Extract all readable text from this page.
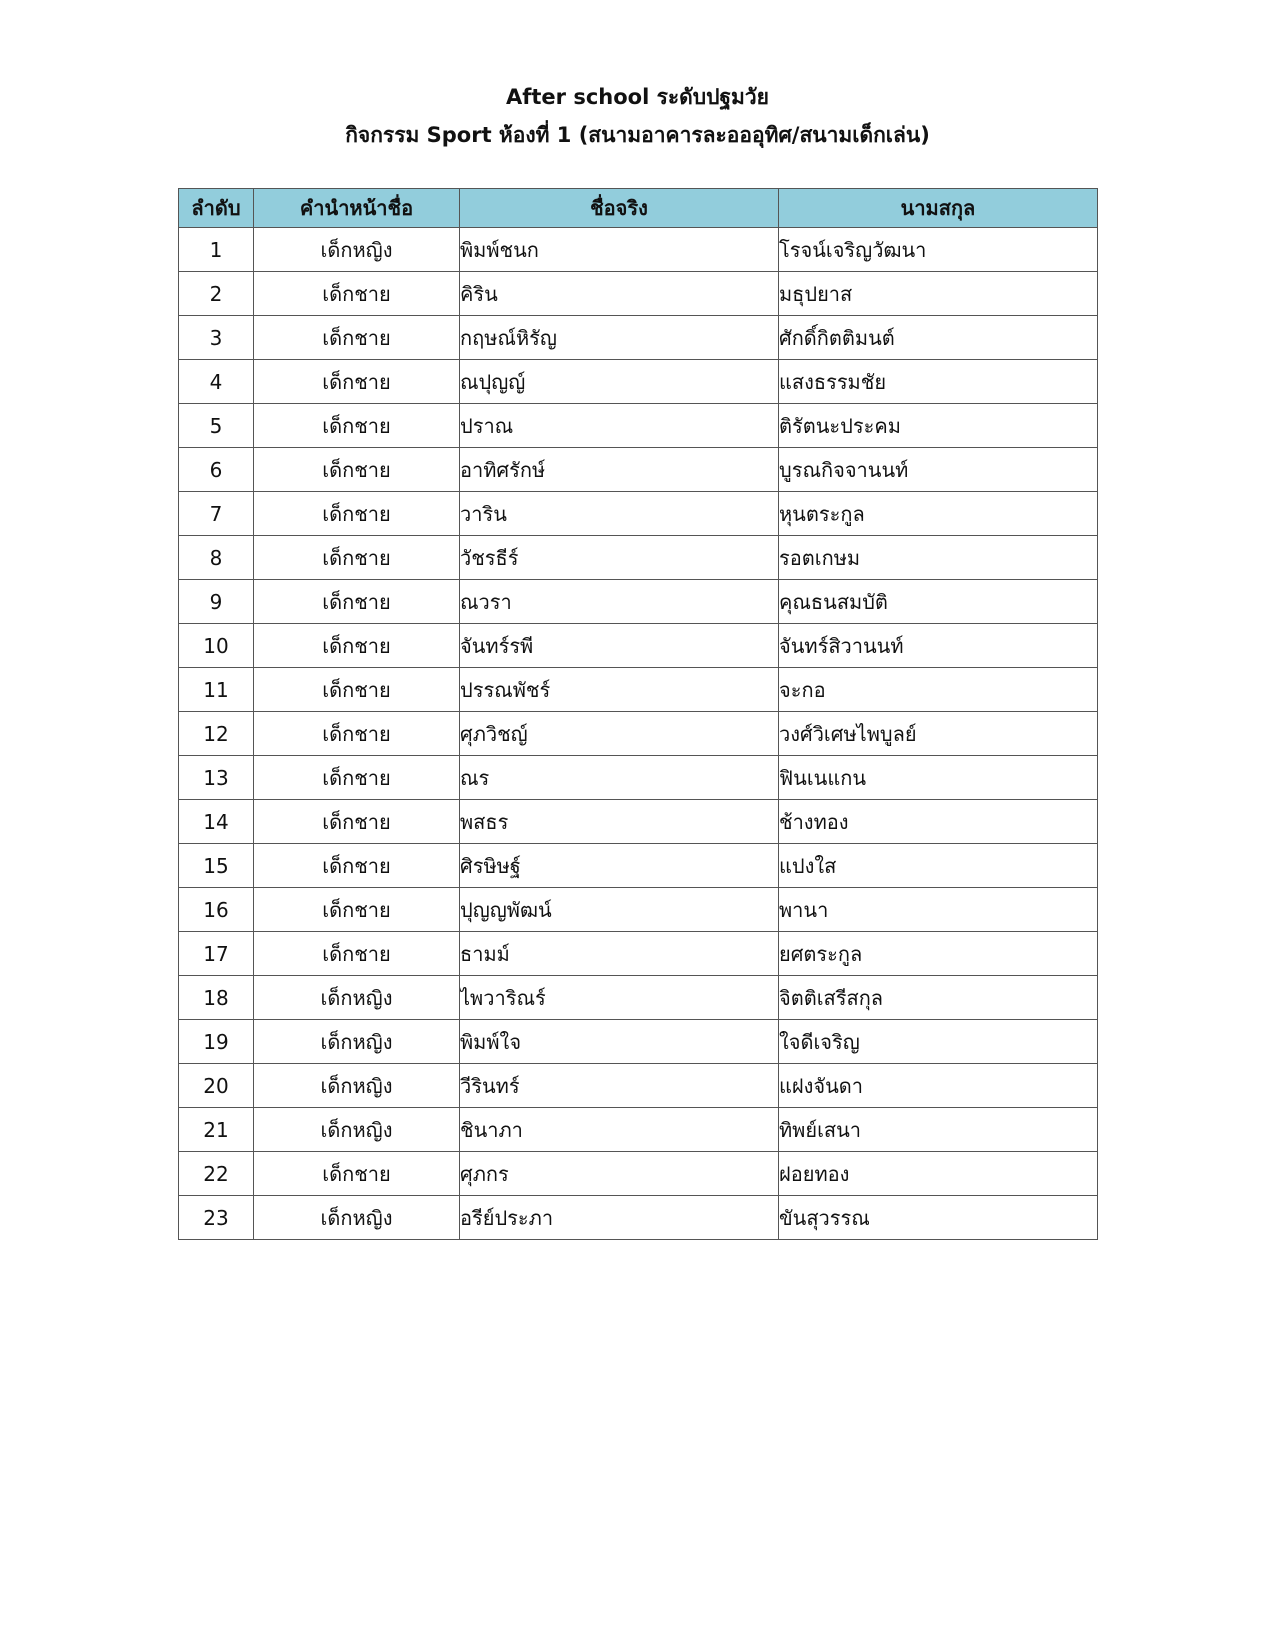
After school ระดับปฐมวัย
กิจกรรม Sport ห้องที่ 1 (สนามอาคารละอออุทิศ/สนามเด็กเล่น)
ลำดับ	คำนำหน้าชื่อ	ชื่อจริง	นามสกุล
1	เด็กหญิง	พิมพ์ชนก	โรจน์เจริญวัฒนา
2	เด็กชาย	คิริน	มธุปยาส
3	เด็กชาย	กฤษณ์หิรัญ	ศักดิ์กิตติมนต์
4	เด็กชาย	ณปุญญ์	แสงธรรมชัย
5	เด็กชาย	ปราณ	ติรัตนะประคม
6	เด็กชาย	อาทิศรักษ์	บูรณกิจจานนท์
7	เด็กชาย	วาริน	หุนตระกูล
8	เด็กชาย	วัชรธีร์	รอตเกษม
9	เด็กชาย	ณวรา	คุณธนสมบัติ
10	เด็กชาย	จันทร์รพี	จันทร์สิวานนท์
11	เด็กชาย	ปรรณพัชร์	จะกอ
12	เด็กชาย	ศุภวิชญ์	วงศ์วิเศษไพบูลย์
13	เด็กชาย	ณร	ฟินเนแกน
14	เด็กชาย	พสธร	ช้างทอง
15	เด็กชาย	ศิรษิษฐ์	แปงใส
16	เด็กชาย	ปุญญพัฒน์	พานา
17	เด็กชาย	ธามม์	ยศตระกูล
18	เด็กหญิง	ไพวาริณร์	จิตติเสรีสกุล
19	เด็กหญิง	พิมพ์ใจ	ใจดีเจริญ
20	เด็กหญิง	วีรินทร์	แฝงจันดา
21	เด็กหญิง	ชินาภา	ทิพย์เสนา
22	เด็กชาย	ศุภกร	ฝอยทอง
23	เด็กหญิง	อรีย์ประภา	ขันสุวรรณ
